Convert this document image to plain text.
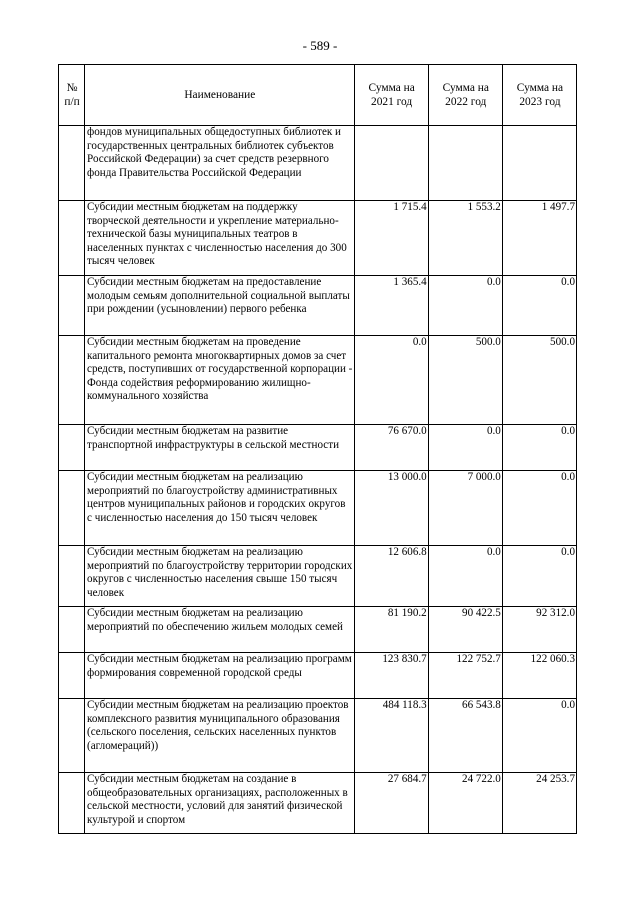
- 589 -
№ п/п	Наименование	Сумма на 2021 год	Сумма на 2022 год	Сумма на 2023 год
	фондов муниципальных общедоступных библиотек и государственных центральных библиотек субъектов Российской Федерации) за счет средств резервного фонда Правительства Российской Федерации			
	Субсидии местным бюджетам на поддержку творческой деятельности и укрепление материально-технической базы муниципальных театров в населенных пунктах с численностью населения до 300 тысяч человек	1 715.4	1 553.2	1 497.7
	Субсидии местным бюджетам на предоставление молодым семьям дополнительной социальной выплаты при рождении (усыновлении) первого ребенка	1 365.4	0.0	0.0
	Субсидии местным бюджетам на проведение капитального ремонта многоквартирных домов за счет средств, поступивших от государственной корпорации - Фонда содействия реформированию жилищно-коммунального хозяйства	0.0	500.0	500.0
	Субсидии местным бюджетам на развитие транспортной инфраструктуры в сельской местности	76 670.0	0.0	0.0
	Субсидии местным бюджетам на реализацию мероприятий по благоустройству административных центров муниципальных районов и городских округов с численностью населения до 150 тысяч человек	13 000.0	7 000.0	0.0
	Субсидии местным бюджетам на реализацию мероприятий по благоустройству территории городских округов с численностью населения свыше 150 тысяч человек	12 606.8	0.0	0.0
	Субсидии местным бюджетам на реализацию мероприятий по обеспечению жильем молодых семей	81 190.2	90 422.5	92 312.0
	Субсидии местным бюджетам на реализацию программ формирования современной городской среды	123 830.7	122 752.7	122 060.3
	Субсидии местным бюджетам на реализацию проектов комплексного развития муниципального образования (сельского поселения, сельских населенных пунктов (агломераций))	484 118.3	66 543.8	0.0
	Субсидии местным бюджетам на создание в общеобразовательных организациях, расположенных в сельской местности, условий для занятий физической культурой и спортом	27 684.7	24 722.0	24 253.7
